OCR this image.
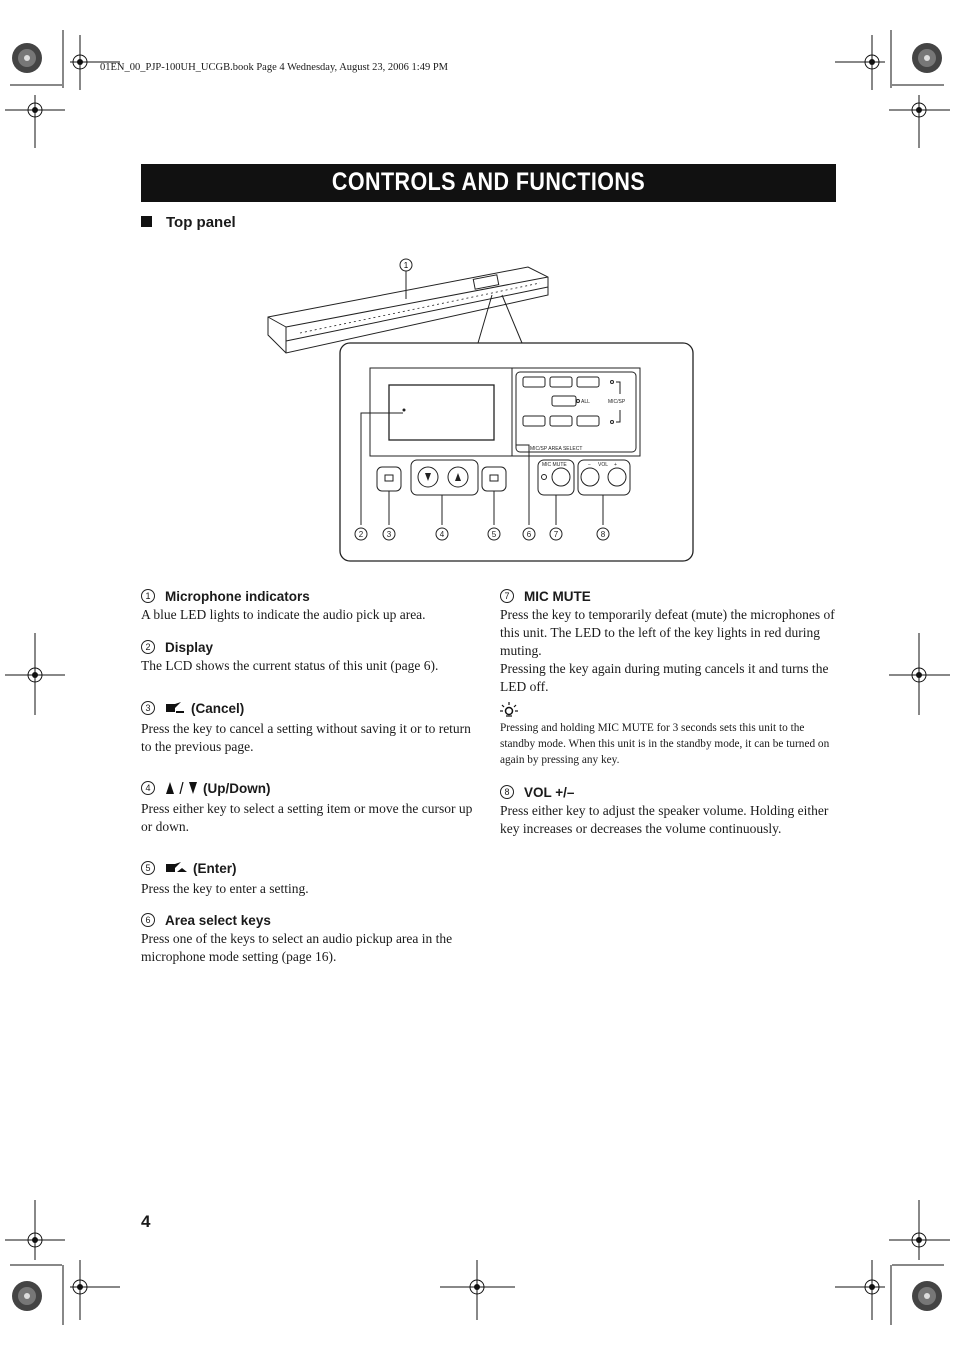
01EN_00_PJP-100UH_UCGB.book Page 4 Wednesday, August 23, 2006 1:49 PM
CONTROLS AND FUNCTIONS
Top panel
1
ALL	MIC/SP
MIC/SP AREA SELECT
MIC MUTE	− VOL +
2	3	4	5	6	7	8
1	Microphone indicators
A blue LED lights to indicate the audio pick up area.
2	Display
The LCD shows the current status of this unit (page 6).
3	(Cancel)
Press the key to cancel a setting without saving it or to return to the previous page.
4	(Up/Down)
Press either key to select a setting item or move the cursor up or down.
5	(Enter)
Press the key to enter a setting.
6	Area select keys
Press one of the keys to select an audio pickup area in the microphone mode setting (page 16).
7	MIC MUTE
Press the key to temporarily defeat (mute) the microphones of this unit. The LED to the left of the key lights in red during muting.
Pressing the key again during muting cancels it and turns the LED off.
Pressing and holding MIC MUTE for 3 seconds sets this unit to the standby mode. When this unit is in the standby mode, it can be turned on again by pressing any key.
8	VOL +/–
Press either key to adjust the speaker volume. Holding either key increases or decreases the volume continuously.
4
